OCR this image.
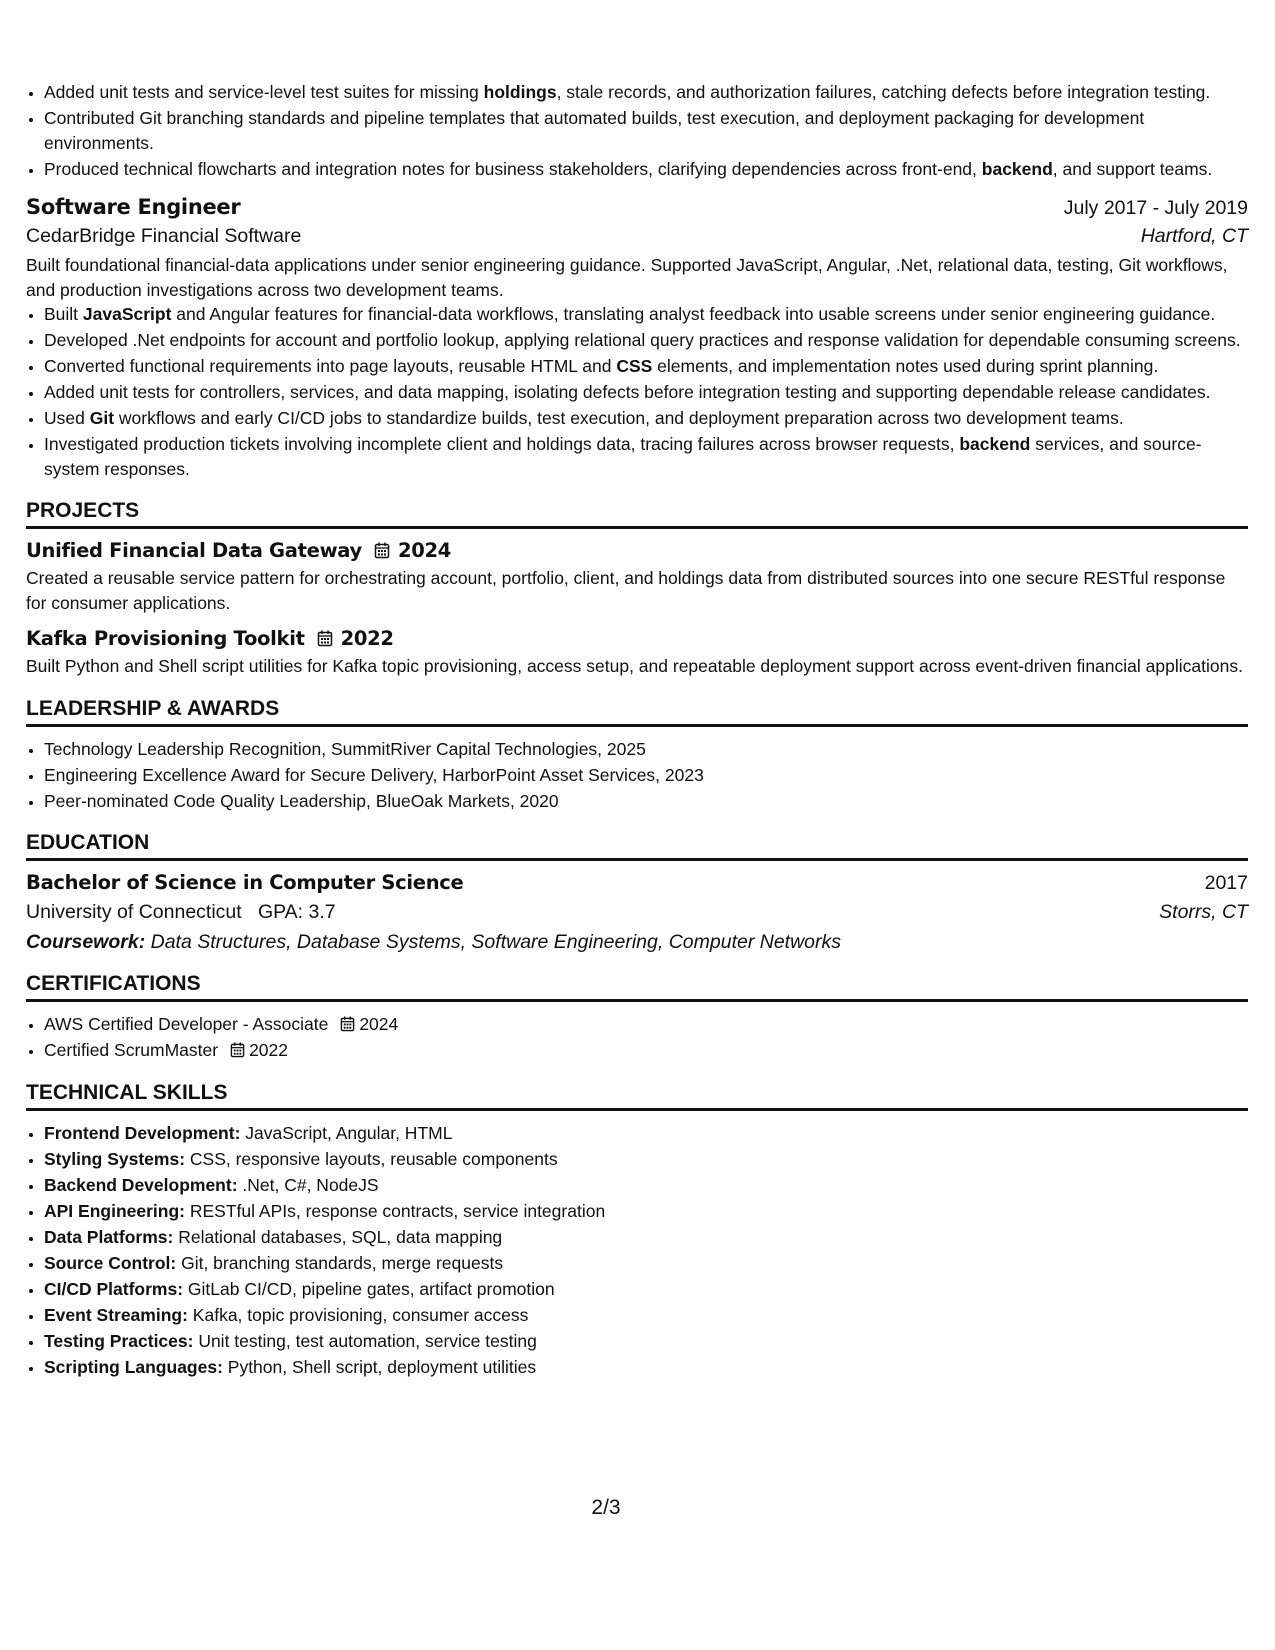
• Added unit tests and service-level test suites for missing holdings, stale records, and authorization failures, catching defects before integration testing.
• Contributed Git branching standards and pipeline templates that automated builds, test execution, and deployment packaging for development environments.
• Produced technical flowcharts and integration notes for business stakeholders, clarifying dependencies across front-end, backend, and support teams.
Software Engineer	July 2017 - July 2019
CedarBridge Financial Software	Hartford, CT
Built foundational financial-data applications under senior engineering guidance. Supported JavaScript, Angular, .Net, relational data, testing, Git workflows, and production investigations across two development teams.
• Built JavaScript and Angular features for financial-data workflows, translating analyst feedback into usable screens under senior engineering guidance.
• Developed .Net endpoints for account and portfolio lookup, applying relational query practices and response validation for dependable consuming screens.
• Converted functional requirements into page layouts, reusable HTML and CSS elements, and implementation notes used during sprint planning.
• Added unit tests for controllers, services, and data mapping, isolating defects before integration testing and supporting dependable release candidates.
• Used Git workflows and early CI/CD jobs to standardize builds, test execution, and deployment preparation across two development teams.
• Investigated production tickets involving incomplete client and holdings data, tracing failures across browser requests, backend services, and source-system responses.
PROJECTS
Unified Financial Data Gateway 2024
Created a reusable service pattern for orchestrating account, portfolio, client, and holdings data from distributed sources into one secure RESTful response for consumer applications.
Kafka Provisioning Toolkit 2022
Built Python and Shell script utilities for Kafka topic provisioning, access setup, and repeatable deployment support across event-driven financial applications.
LEADERSHIP & AWARDS
• Technology Leadership Recognition, SummitRiver Capital Technologies, 2025
• Engineering Excellence Award for Secure Delivery, HarborPoint Asset Services, 2023
• Peer-nominated Code Quality Leadership, BlueOak Markets, 2020
EDUCATION
Bachelor of Science in Computer Science	2017
University of Connecticut GPA: 3.7	Storrs, CT
Coursework: Data Structures, Database Systems, Software Engineering, Computer Networks
CERTIFICATIONS
• AWS Certified Developer - Associate 2024
• Certified ScrumMaster 2022
TECHNICAL SKILLS
• Frontend Development: JavaScript, Angular, HTML
• Styling Systems: CSS, responsive layouts, reusable components
• Backend Development: .Net, C#, NodeJS
• API Engineering: RESTful APIs, response contracts, service integration
• Data Platforms: Relational databases, SQL, data mapping
• Source Control: Git, branching standards, merge requests
• CI/CD Platforms: GitLab CI/CD, pipeline gates, artifact promotion
• Event Streaming: Kafka, topic provisioning, consumer access
• Testing Practices: Unit testing, test automation, service testing
• Scripting Languages: Python, Shell script, deployment utilities
2/3
